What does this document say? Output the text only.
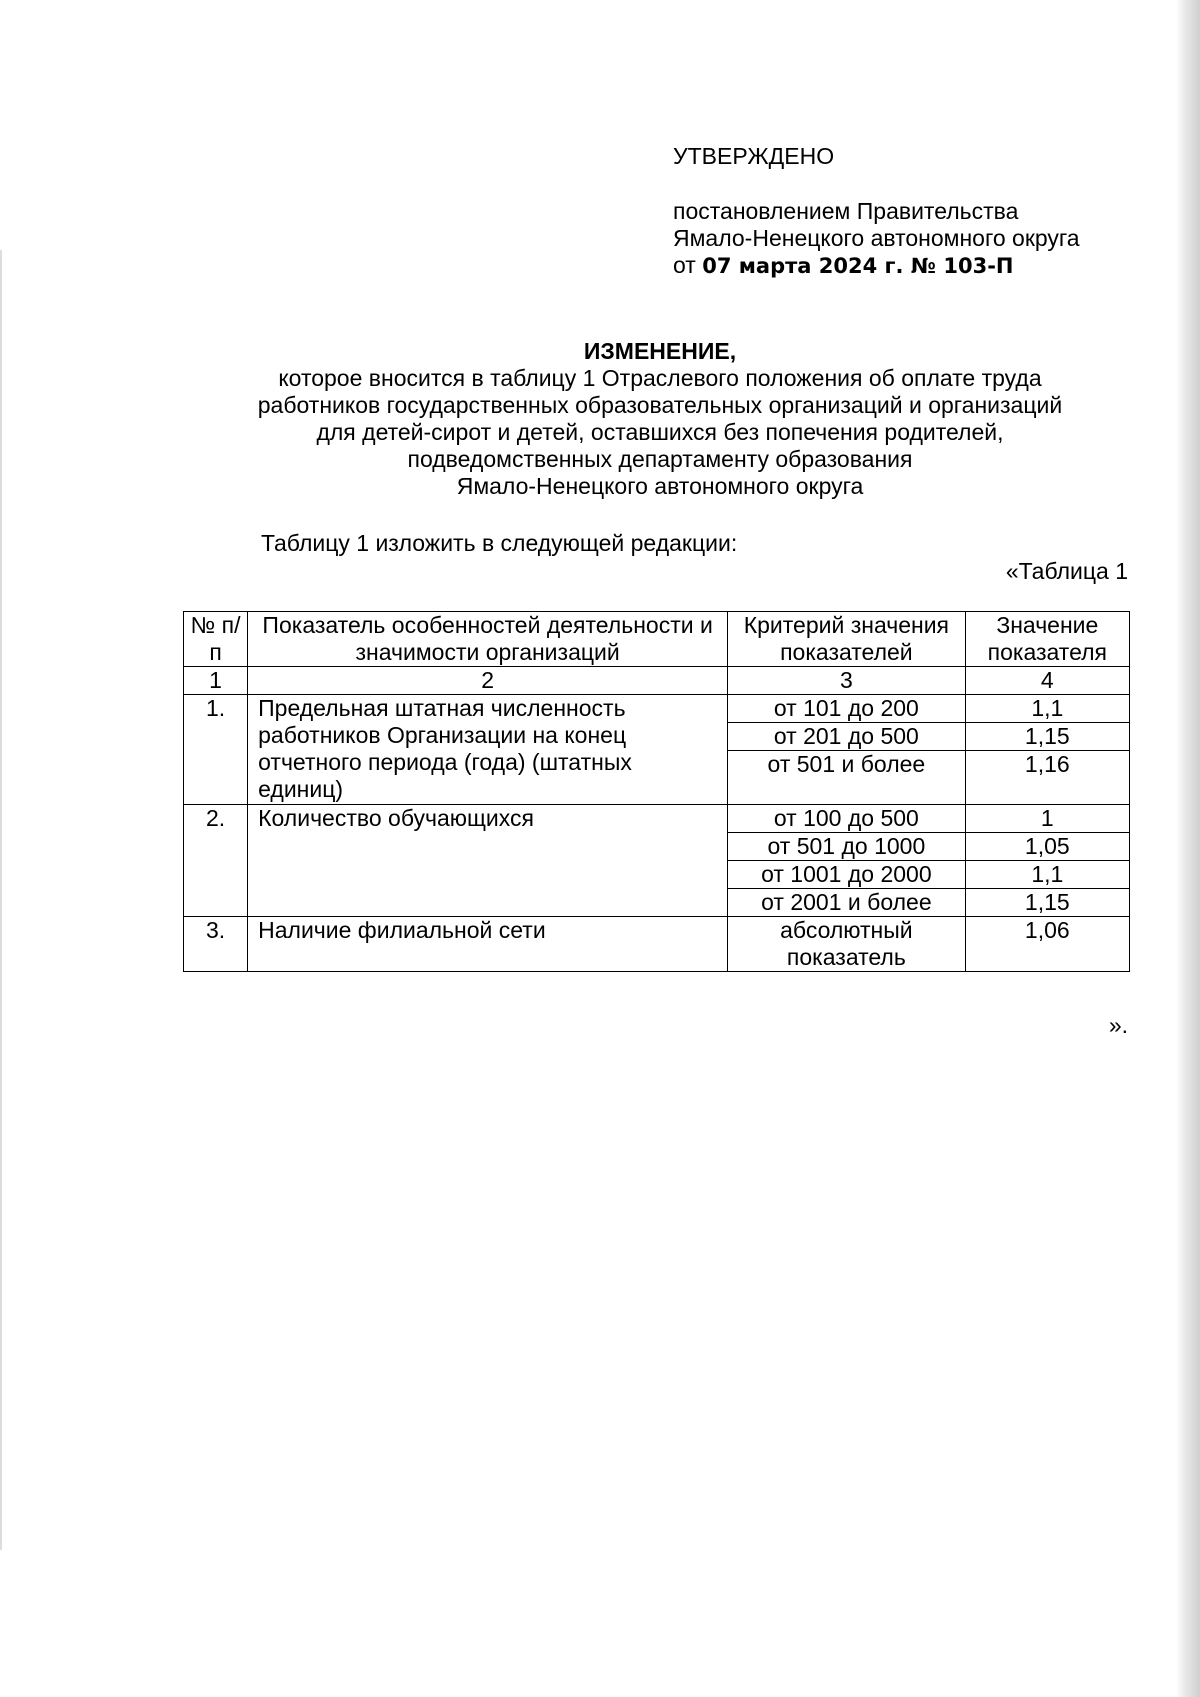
УТВЕРЖДЕНО
постановлением Правительства
Ямало-Ненецкого автономного округа
от 07 марта 2024 г. № 103-П
ИЗМЕНЕНИЕ,
которое вносится в таблицу 1 Отраслевого положения об оплате труда
работников государственных образовательных организаций и организаций
для детей-сирот и детей, оставшихся без попечения родителей,
подведомственных департаменту образования
Ямало-Ненецкого автономного округа
Таблицу 1 изложить в следующей редакции:
«Таблица 1
№ п/п	Показатель особенностей деятельности и значимости организаций	Критерий значения показателей	Значение показателя
1	2	3	4
1.	Предельная штатная численность работников Организации на конец отчетного периода (года) (штатных единиц)	от 101 до 200	1,1
		от 201 до 500	1,15
		от 501 и более	1,16
2.	Количество обучающихся	от 100 до 500	1
		от 501 до 1000	1,05
		от 1001 до 2000	1,1
		от 2001 и более	1,15
3.	Наличие филиальной сети	абсолютный показатель	1,06
».
